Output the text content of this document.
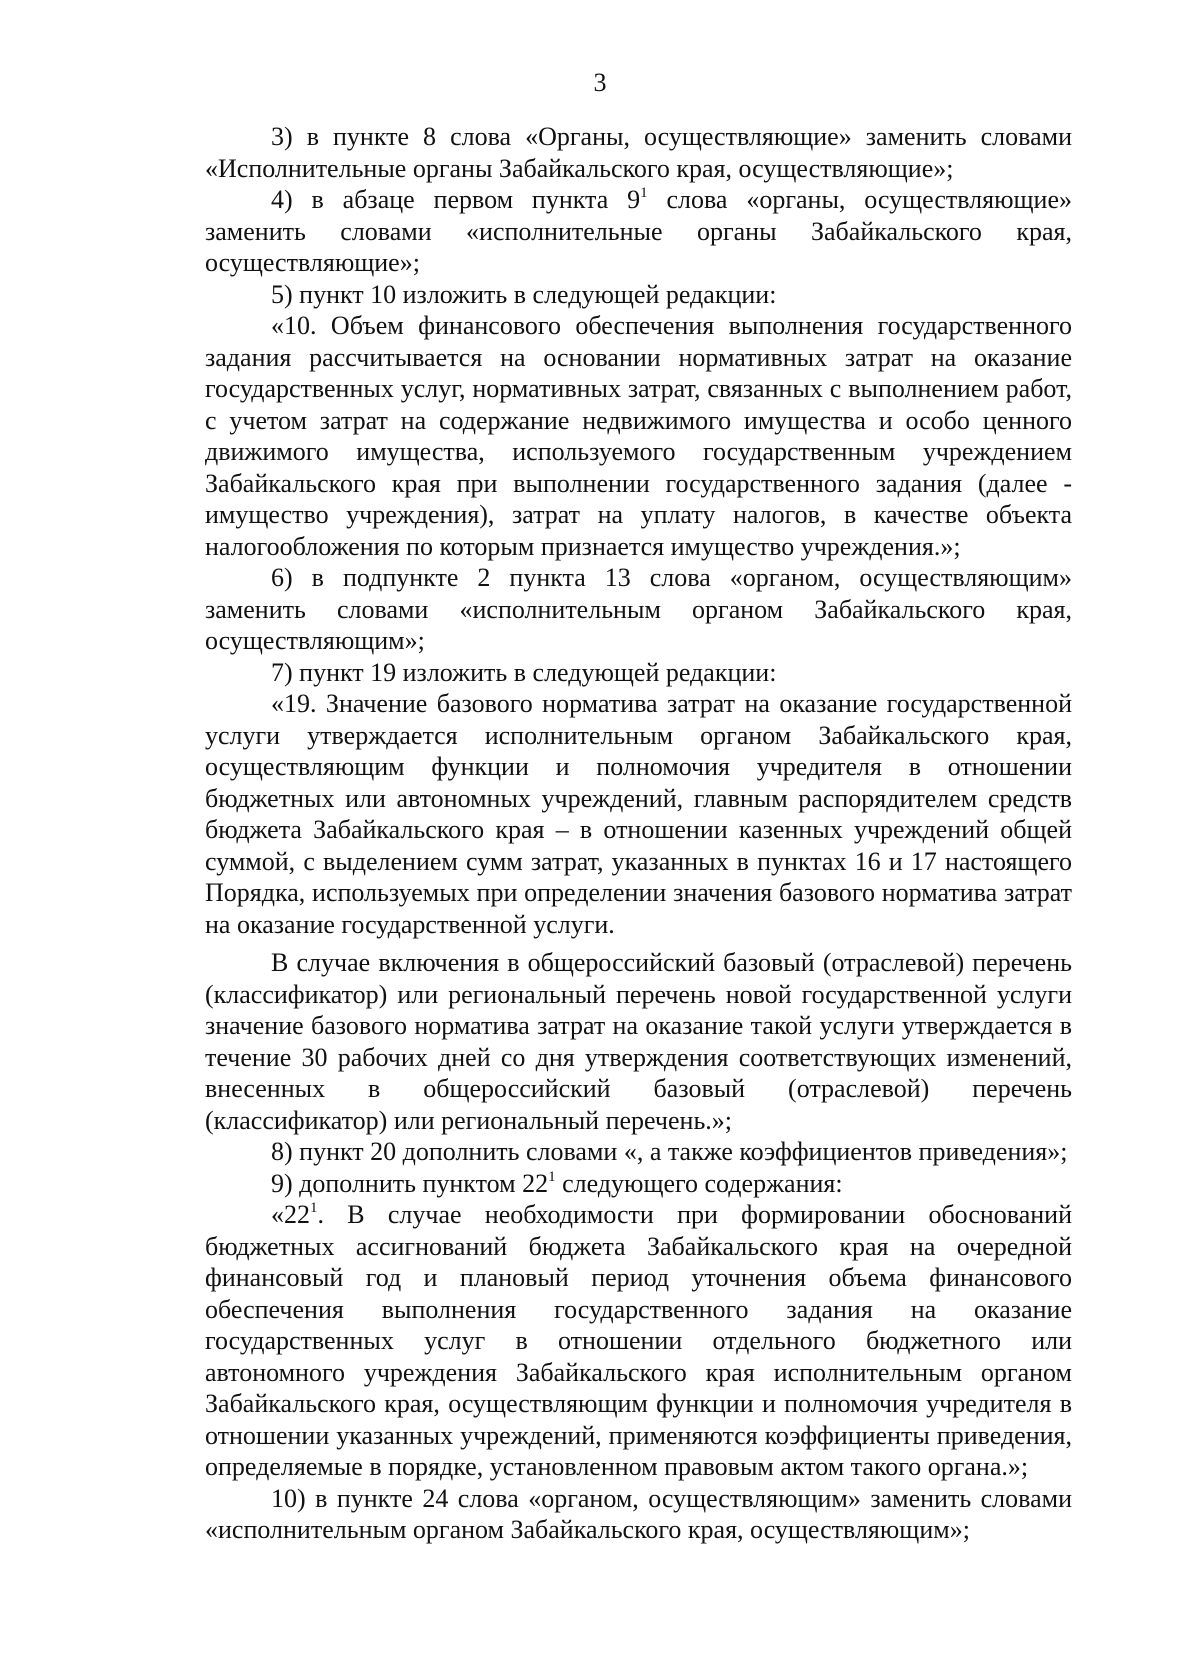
3

3) в пункте 8 слова «Органы, осуществляющие» заменить словами «Исполнительные органы Забайкальского края, осуществляющие»;

4) в абзаце первом пункта $9^1$ слова «органы, осуществляющие» заменить словами «исполнительные органы Забайкальского края, осуществляющие»;

5) пункт 10 изложить в следующей редакции:

«10. Объем финансового обеспечения выполнения государственного задания рассчитывается на основании нормативных затрат на оказание государственных услуг, нормативных затрат, связанных с выполнением работ, с учетом затрат на содержание недвижимого имущества и особо ценного движимого имущества, используемого государственным учреждением Забайкальского края при выполнении государственного задания (далее - имущество учреждения), затрат на уплату налогов, в качестве объекта налогообложения по которым признается имущество учреждения.»;

6) в подпункте 2 пункта 13 слова «органом, осуществляющим» заменить словами «исполнительным органом Забайкальского края, осуществляющим»;

7) пункт 19 изложить в следующей редакции:

«19. Значение базового норматива затрат на оказание государственной услуги утверждается исполнительным органом Забайкальского края, осуществляющим функции и полномочия учредителя в отношении бюджетных или автономных учреждений, главным распорядителем средств бюджета Забайкальского края – в отношении казенных учреждений общей суммой, с выделением сумм затрат, указанных в пунктах 16 и 17 настоящего Порядка, используемых при определении значения базового норматива затрат на оказание государственной услуги.

В случае включения в общероссийский базовый (отраслевой) перечень (классификатор) или региональный перечень новой государственной услуги значение базового норматива затрат на оказание такой услуги утверждается в течение 30 рабочих дней со дня утверждения соответствующих изменений, внесенных в общероссийский базовый (отраслевой) перечень (классификатор) или региональный перечень.»;

8) пункт 20 дополнить словами «, а также коэффициентов приведения»;

9) дополнить пунктом $22^1$ следующего содержания:

«$22^1$. В случае необходимости при формировании обоснований бюджетных ассигнований бюджета Забайкальского края на очередной финансовый год и плановый период уточнения объема финансового обеспечения выполнения государственного задания на оказание государственных услуг в отношении отдельного бюджетного или автономного учреждения Забайкальского края исполнительным органом Забайкальского края, осуществляющим функции и полномочия учредителя в отношении указанных учреждений, применяются коэффициенты приведения, определяемые в порядке, установленном правовым актом такого органа.»;

10) в пункте 24 слова «органом, осуществляющим» заменить словами «исполнительным органом Забайкальского края, осуществляющим»;
